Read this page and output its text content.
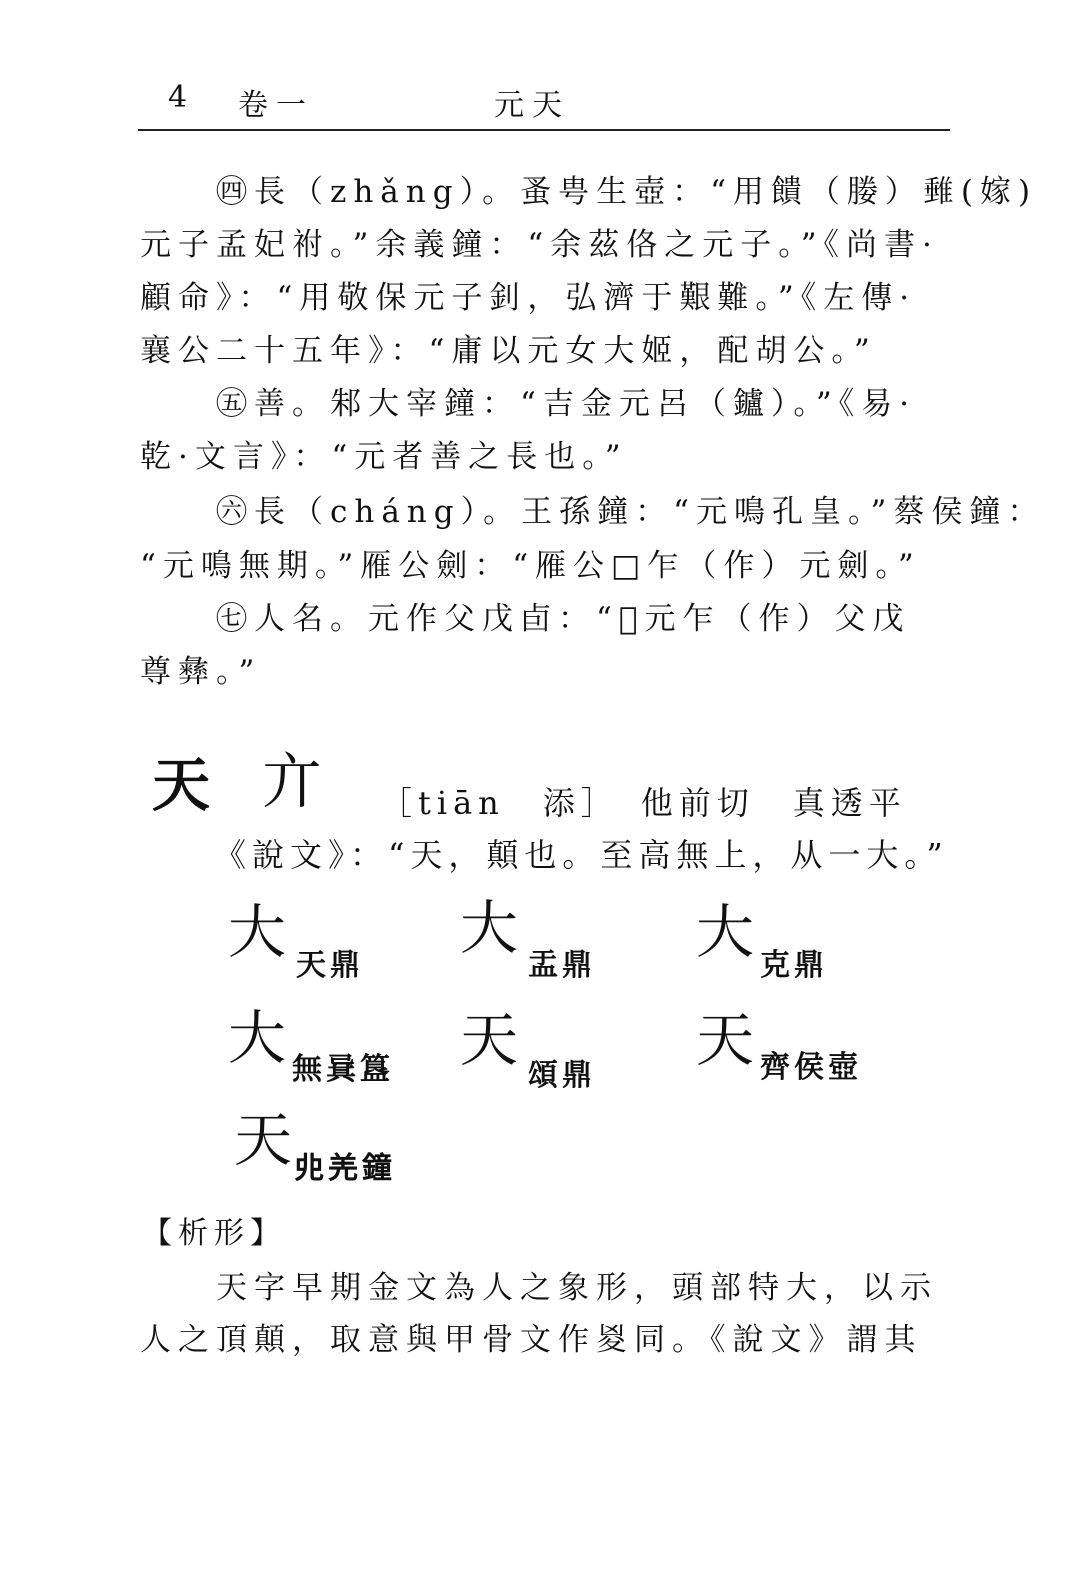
4 卷一	元天
㊃長（zhǎng）。蚤甹生壺：“用饋（媵）𨿠(嫁)
元子孟妃祔。”余義鐘：“余茲佫之元子。”《尚書·
顧命》：“用敬保元子釗，弘濟于艱難。”《左傳·
襄公二十五年》：“庸以元女大姬，配胡公。”
㊄善。邾大宰鐘：“吉金元呂（鑪）。”《易·
乾·文言》：“元者善之長也。”
㊅長（cháng）。王孫鐘：“元鳴孔皇。”蔡侯鐘：
“元鳴無期。”雁公劍：“雁公□乍（作）元劍。”
㊆人名。元作父戊卣：“𠃢元乍（作）父戊
尊彝。”
天 亣 ［tiān　添］　他前切　真透平
《說文》：“天，顛也。至高無上，从一大。”
大 天鼎
大
盂鼎 大 克鼎
大 無㠱簋 天
頌鼎
天 齊侯壺
天 𠑹羌鐘
【析形】
天字早期金文為人之象形，頭部特大，以示
人之頂顛，取意與甲骨文作㚇同。《說文》謂其
